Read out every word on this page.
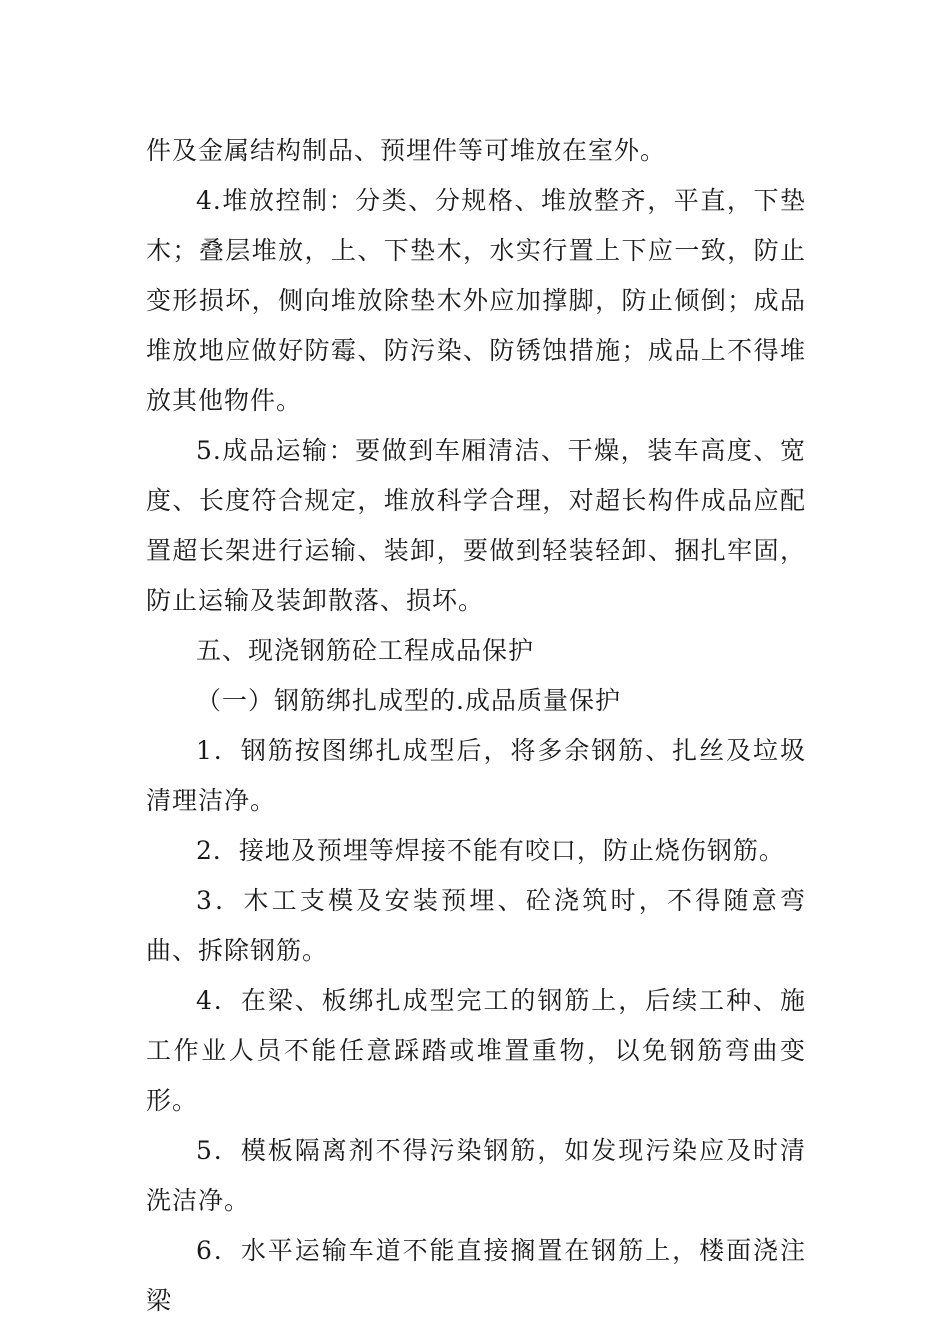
件及金属结构制品、预埋件等可堆放在室外。

4.堆放控制：分类、分规格、堆放整齐，平直，下垫木；叠层堆放，上、下垫木，水实行置上下应一致，防止变形损坏，侧向堆放除垫木外应加撑脚，防止倾倒；成品堆放地应做好防霉、防污染、防锈蚀措施；成品上不得堆放其他物件。

5.成品运输：要做到车厢清洁、干燥，装车高度、宽度、长度符合规定，堆放科学合理，对超长构件成品应配置超长架进行运输、装卸，要做到轻装轻卸、捆扎牢固，防止运输及装卸散落、损坏。

五、现浇钢筋砼工程成品保护

（一）钢筋绑扎成型的.成品质量保护

1．钢筋按图绑扎成型后，将多余钢筋、扎丝及垃圾清理洁净。

2．接地及预埋等焊接不能有咬口，防止烧伤钢筋。

3．木工支模及安装预埋、砼浇筑时，不得随意弯曲、拆除钢筋。

4．在梁、板绑扎成型完工的钢筋上，后续工种、施工作业人员不能任意踩踏或堆置重物，以免钢筋弯曲变形。

5．模板隔离剂不得污染钢筋，如发现污染应及时清洗洁净。

6．水平运输车道不能直接搁置在钢筋上，楼面浇注梁
